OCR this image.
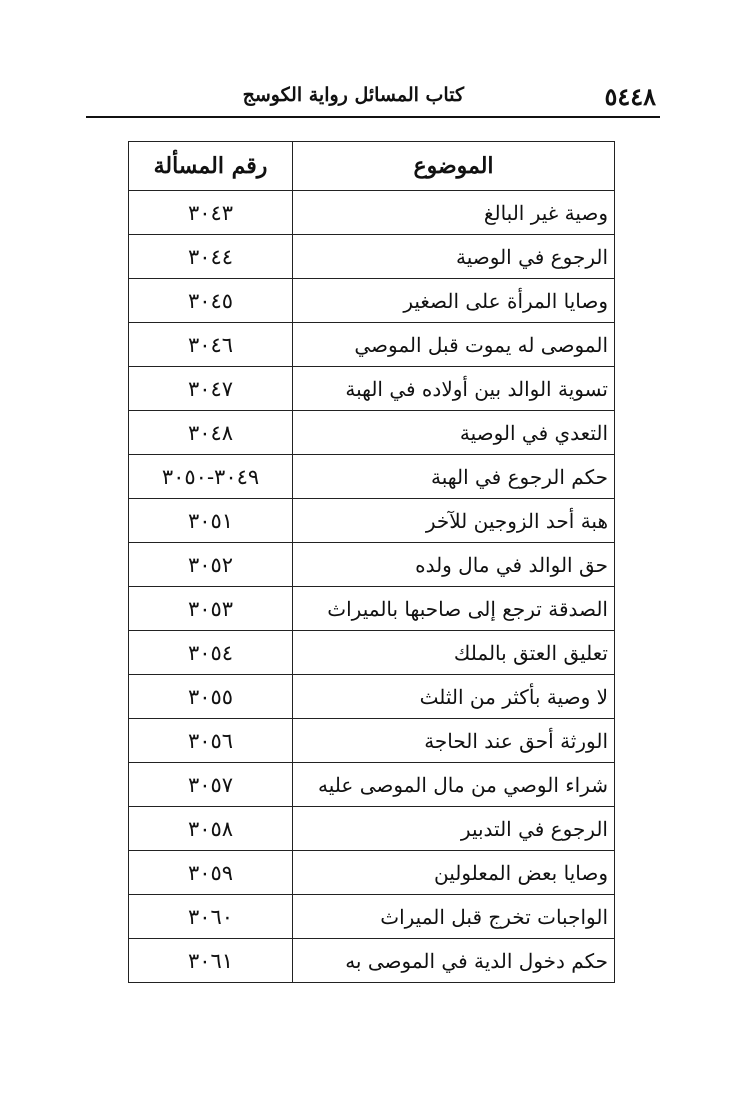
كتاب المسائل رواية الكوسج	٥٤٤٨
الموضوع	رقم المسألة
وصية غير البالغ	٣٠٤٣
الرجوع في الوصية	٣٠٤٤
وصايا المرأة على الصغير	٣٠٤٥
الموصى له يموت قبل الموصي	٣٠٤٦
تسوية الوالد بين أولاده في الهبة	٣٠٤٧
التعدي في الوصية	٣٠٤٨
حكم الرجوع في الهبة	٣٠٤٩-٣٠٥٠
هبة أحد الزوجين للآخر	٣٠٥١
حق الوالد في مال ولده	٣٠٥٢
الصدقة ترجع إلى صاحبها بالميراث	٣٠٥٣
تعليق العتق بالملك	٣٠٥٤
لا وصية بأكثر من الثلث	٣٠٥٥
الورثة أحق عند الحاجة	٣٠٥٦
شراء الوصي من مال الموصى عليه	٣٠٥٧
الرجوع في التدبير	٣٠٥٨
وصايا بعض المعلولين	٣٠٥٩
الواجبات تخرج قبل الميراث	٣٠٦٠
حكم دخول الدية في الموصى به	٣٠٦١
